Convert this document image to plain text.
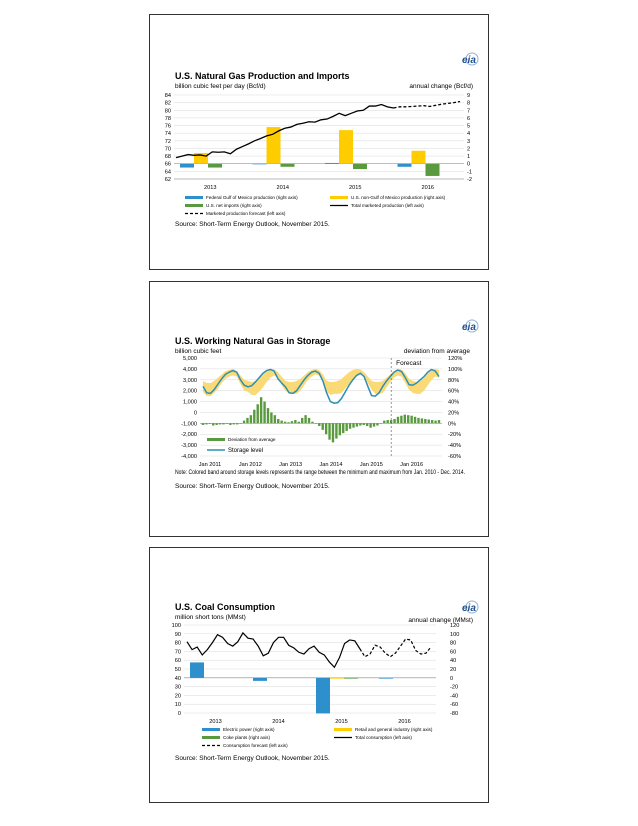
eia
U.S. Natural Gas Production and Imports
billion cubic feet per day (Bcf/d)	annual change (Bcf/d)
84
82
80
78
76
74
72
70
68
66
64
62
9
8
7
6
5
4
3
2
1
0
-1
-2
2013	2014	2015	2016
Federal Gulf of Mexico production (right axis)	U.S. non-Gulf of Mexico production (right axis)
U.S. net imports (right axis)	Total marketed production (left axis)
Marketed production forecast (left axis)
Source: Short-Term Energy Outlook, November 2015.
eia
U.S. Working Natural Gas in Storage
billion cubic feet	deviation from average
5,000
4,000
3,000
2,000
1,000
0
-1,000
-2,000
-3,000
-4,000
120%
100%
80%
60%
40%
20%
0%
-20%
-40%
-60%
Forecast
Jan 2011	Jan 2012	Jan 2013	Jan 2014	Jan 2015	Jan 2016
Deviation from average
Storage level
Note: Colored band around storage levels represents the range between the minimum and maximum from Jan. 2010 - Dec. 2014.
Source: Short-Term Energy Outlook, November 2015.
eia
U.S. Coal Consumption
million short tons (MMst)	annual change (MMst)
100
90
80
70
60
50
40
30
20
10
0
120
100
80
60
40
20
0
-20
-40
-60
-80
2013	2014	2015	2016
Electric power (right axis)	Retail and general industry (right axis)
Coke plants (right axis)	Total consumption (left axis)
Consumption forecast (left axis)
Source: Short-Term Energy Outlook, November 2015.
